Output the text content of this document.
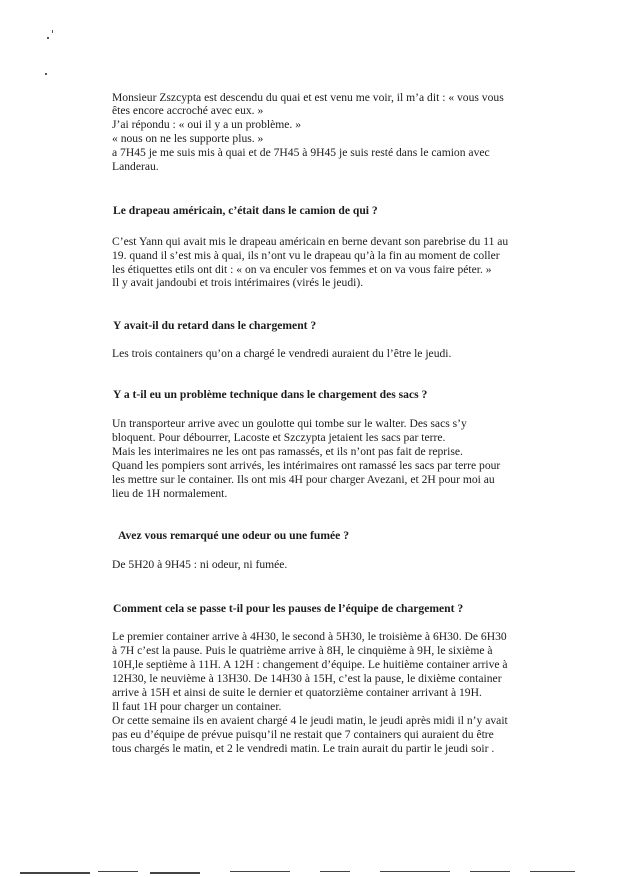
Monsieur Zszcypta est descendu du quai et est venu me voir, il m’a dit : « vous vous
êtes encore accroché avec eux. »
J’ai répondu : « oui il y a un problème. »
« nous on ne les supporte plus. »
a 7H45 je me suis mis à quai et de 7H45 à 9H45 je suis resté dans le camion avec
Landerau.
Le drapeau américain, c’était dans le camion de qui ?
C’est Yann qui avait mis le drapeau américain en berne devant son parebrise du 11 au
19. quand il s’est mis à quai, ils n’ont vu le drapeau qu’à la fin au moment de coller
les étiquettes etils ont dit : « on va enculer vos femmes et on va vous faire péter. »
Il y avait jandoubi et trois intérimaires (virés le jeudi).
Y avait-il du retard dans le chargement ?
Les trois containers qu’on a chargé le vendredi auraient du l’être le jeudi.
Y a t-il eu un problème technique dans le chargement des sacs ?
Un transporteur arrive avec un goulotte qui tombe sur le walter. Des sacs s’y
bloquent. Pour débourrer, Lacoste et Szczypta jetaient les sacs par terre.
Mais les interimaires ne les ont pas ramassés, et ils n’ont pas fait de reprise.
Quand les pompiers sont arrivés, les intérimaires ont ramassé les sacs par terre pour
les mettre sur le container. Ils ont mis 4H pour charger Avezani, et 2H pour moi au
lieu de 1H normalement.
Avez vous remarqué une odeur ou une fumée ?
De 5H20 à 9H45 : ni odeur, ni fumée.
Comment cela se passe t-il pour les pauses de l’équipe de chargement ?
Le premier container arrive à 4H30, le second à 5H30, le troisième à 6H30. De 6H30
à 7H c’est la pause. Puis le quatrième arrive à 8H, le cinquième à 9H, le sixième à
10H,le septième à 11H. A 12H : changement d’équipe. Le huitième container arrive à
12H30, le neuvième à 13H30. De 14H30 à 15H, c’est la pause, le dixième container
arrive à 15H et ainsi de suite le dernier et quatorzième container arrivant à 19H.
Il faut 1H pour charger un container.
Or cette semaine ils en avaient chargé 4 le jeudi matin, le jeudi après midi il n’y avait
pas eu d’équipe de prévue puisqu’il ne restait que 7 containers qui auraient du être
tous chargés le matin, et 2 le vendredi matin. Le train aurait du partir le jeudi soir .
